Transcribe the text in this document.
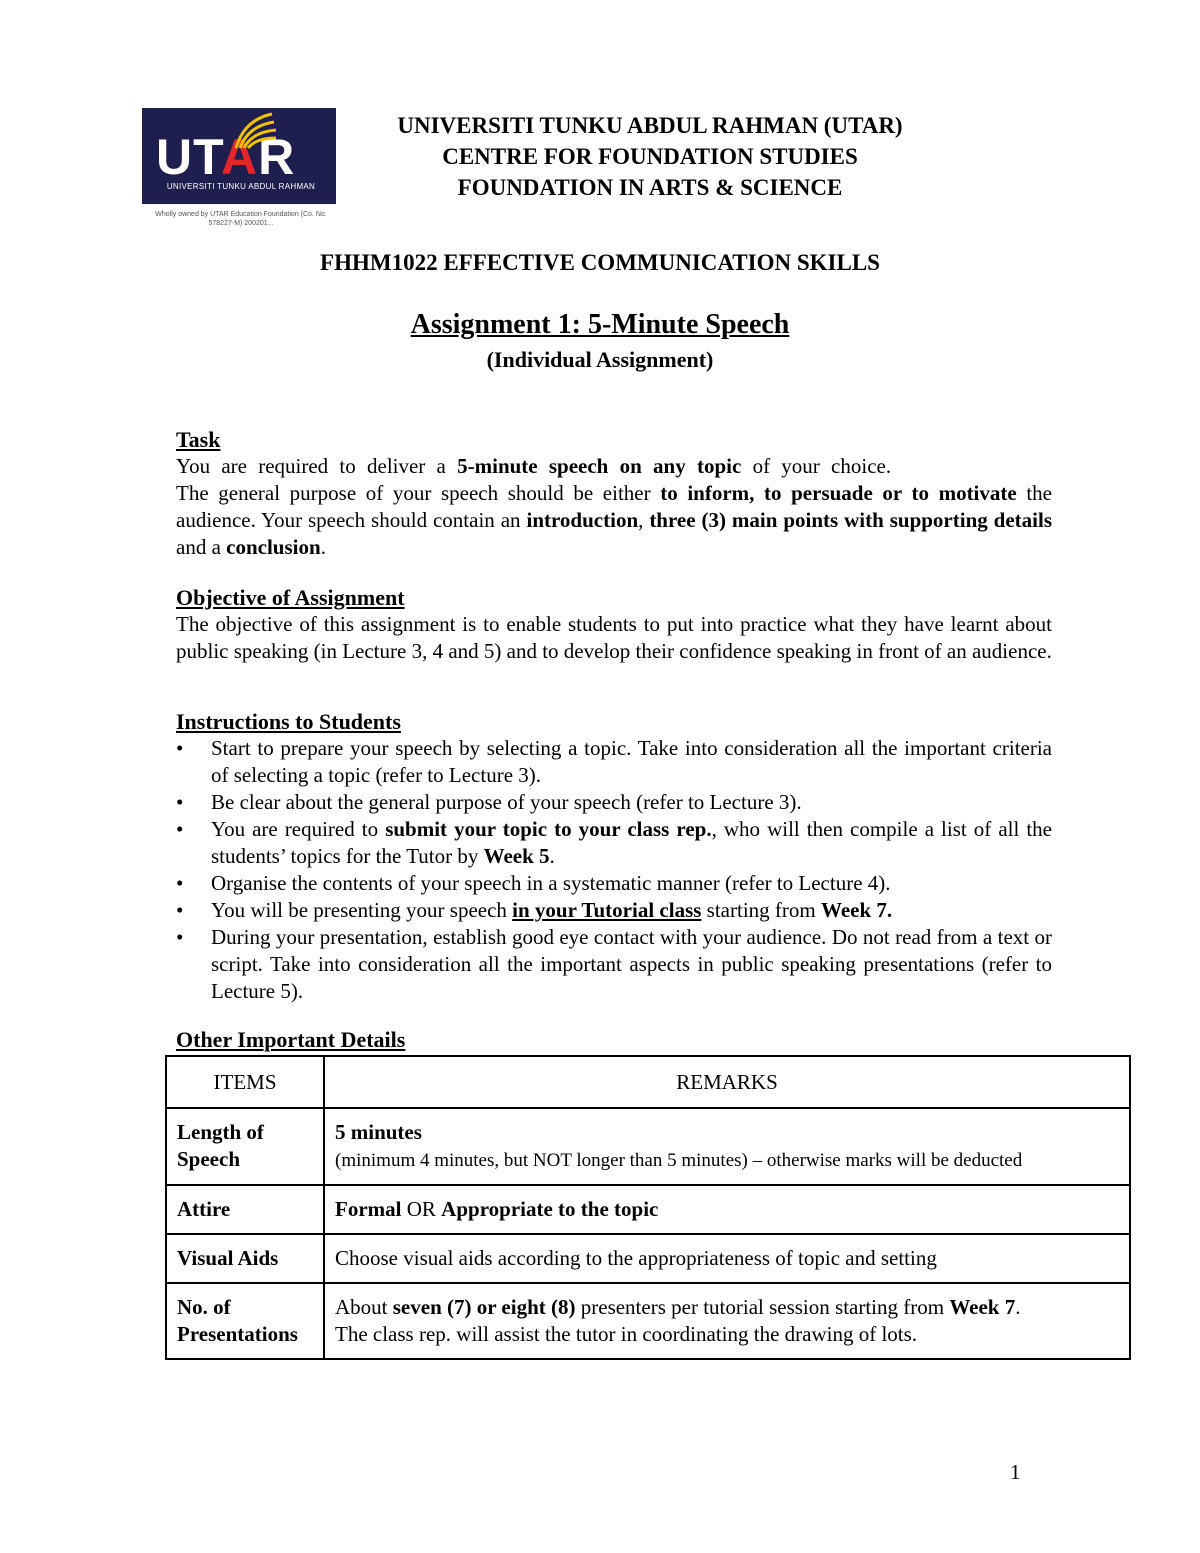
UTAR
UNIVERSITI TUNKU ABDUL RAHMAN
Wholly owned by UTAR Education Foundation (Co. No. 578227-M) 200201...
UNIVERSITI TUNKU ABDUL RAHMAN (UTAR)
CENTRE FOR FOUNDATION STUDIES
FOUNDATION IN ARTS & SCIENCE
FHHM1022 EFFECTIVE COMMUNICATION SKILLS
Assignment 1: 5-Minute Speech
(Individual Assignment)
Task

You are required to deliver a 5-minute speech on any topic of your choice.

The general purpose of your speech should be either to inform, to persuade or to motivate the audience. Your speech should contain an introduction, three (3) main points with supporting details and a conclusion.

Objective of Assignment

The objective of this assignment is to enable students to put into practice what they have learnt about public speaking (in Lecture 3, 4 and 5) and to develop their confidence speaking in front of an audience.

Instructions to Students
• Start to prepare your speech by selecting a topic. Take into consideration all the important criteria of selecting a topic (refer to Lecture 3).
• Be clear about the general purpose of your speech (refer to Lecture 3).
• You are required to submit your topic to your class rep., who will then compile a list of all the students’ topics for the Tutor by Week 5.
• Organise the contents of your speech in a systematic manner (refer to Lecture 4).
• You will be presenting your speech in your Tutorial class starting from Week 7.
• During your presentation, establish good eye contact with your audience. Do not read from a text or script. Take into consideration all the important aspects in public speaking presentations (refer to Lecture 5).
Other Important Details
ITEMS	REMARKS
Length of Speech	5 minutes
(minimum 4 minutes, but NOT longer than 5 minutes) – otherwise marks will be deducted
Attire	Formal OR Appropriate to the topic
Visual Aids	Choose visual aids according to the appropriateness of topic and setting
No. of Presentations	About seven (7) or eight (8) presenters per tutorial session starting from Week 7.
The class rep. will assist the tutor in coordinating the drawing of lots.
1
